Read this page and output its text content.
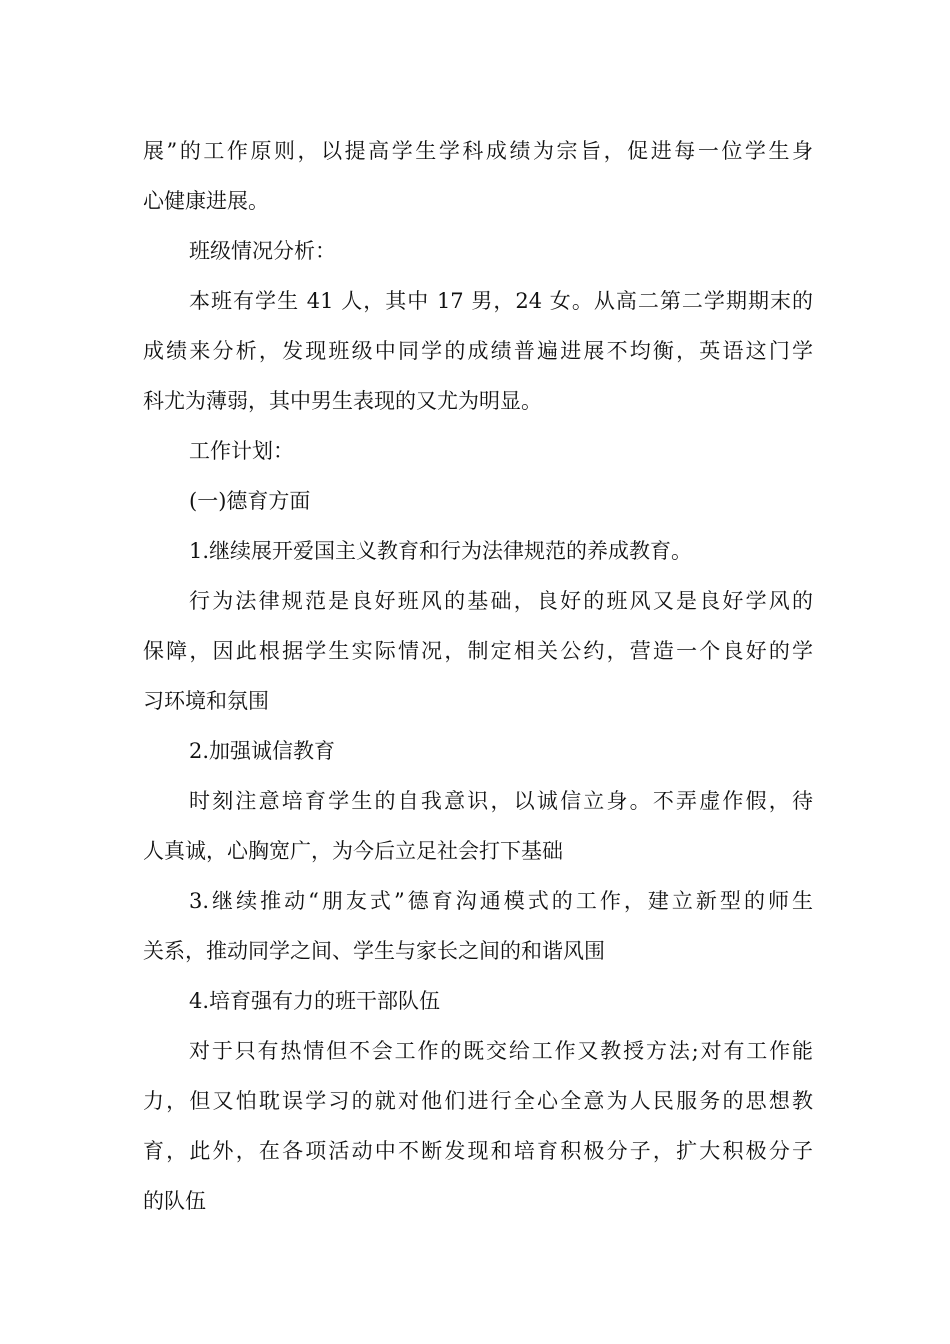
展”的工作原则，以提高学生学科成绩为宗旨，促进每一位学生身
心健康进展。
班级情况分析：
本班有学生 41 人，其中 17 男，24 女。从高二第二学期期末的
成绩来分析，发现班级中同学的成绩普遍进展不均衡，英语这门学
科尤为薄弱，其中男生表现的又尤为明显。
工作计划：
(一)德育方面
1.继续展开爱国主义教育和行为法律规范的养成教育。
行为法律规范是良好班风的基础，良好的班风又是良好学风的
保障，因此根据学生实际情况，制定相关公约，营造一个良好的学
习环境和氛围
2.加强诚信教育
时刻注意培育学生的自我意识，以诚信立身。不弄虚作假，待
人真诚，心胸宽广，为今后立足社会打下基础
3.继续推动“朋友式”德育沟通模式的工作，建立新型的师生
关系，推动同学之间、学生与家长之间的和谐风围
4.培育强有力的班干部队伍
对于只有热情但不会工作的既交给工作又教授方法;对有工作能
力，但又怕耽误学习的就对他们进行全心全意为人民服务的思想教
育，此外，在各项活动中不断发现和培育积极分子，扩大积极分子
的队伍
